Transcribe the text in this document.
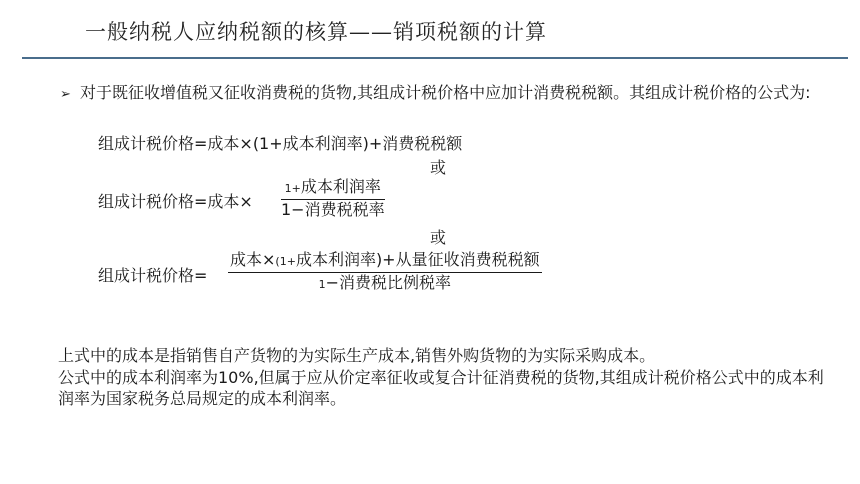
一般纳税人应纳税额的核算——销项税额的计算
➢ 对于既征收增值税又征收消费税的货物,其组成计税价格中应加计消费税税额。其组成计税价格的公式为:
组成计税价格=成本×(1+成本利润率)+消费税税额
或
组成计税价格=成本×
1+成本利润率
1−消费税税率
或
组成计税价格=
成本×(1+成本利润率)+从量征收消费税税额
1−消费税比例税率
上式中的成本是指销售自产货物的为实际生产成本,销售外购货物的为实际采购成本。
公式中的成本利润率为10%,但属于应从价定率征收或复合计征消费税的货物,其组成计税价格公式中的成本利润率为国家税务总局规定的成本利润率。
